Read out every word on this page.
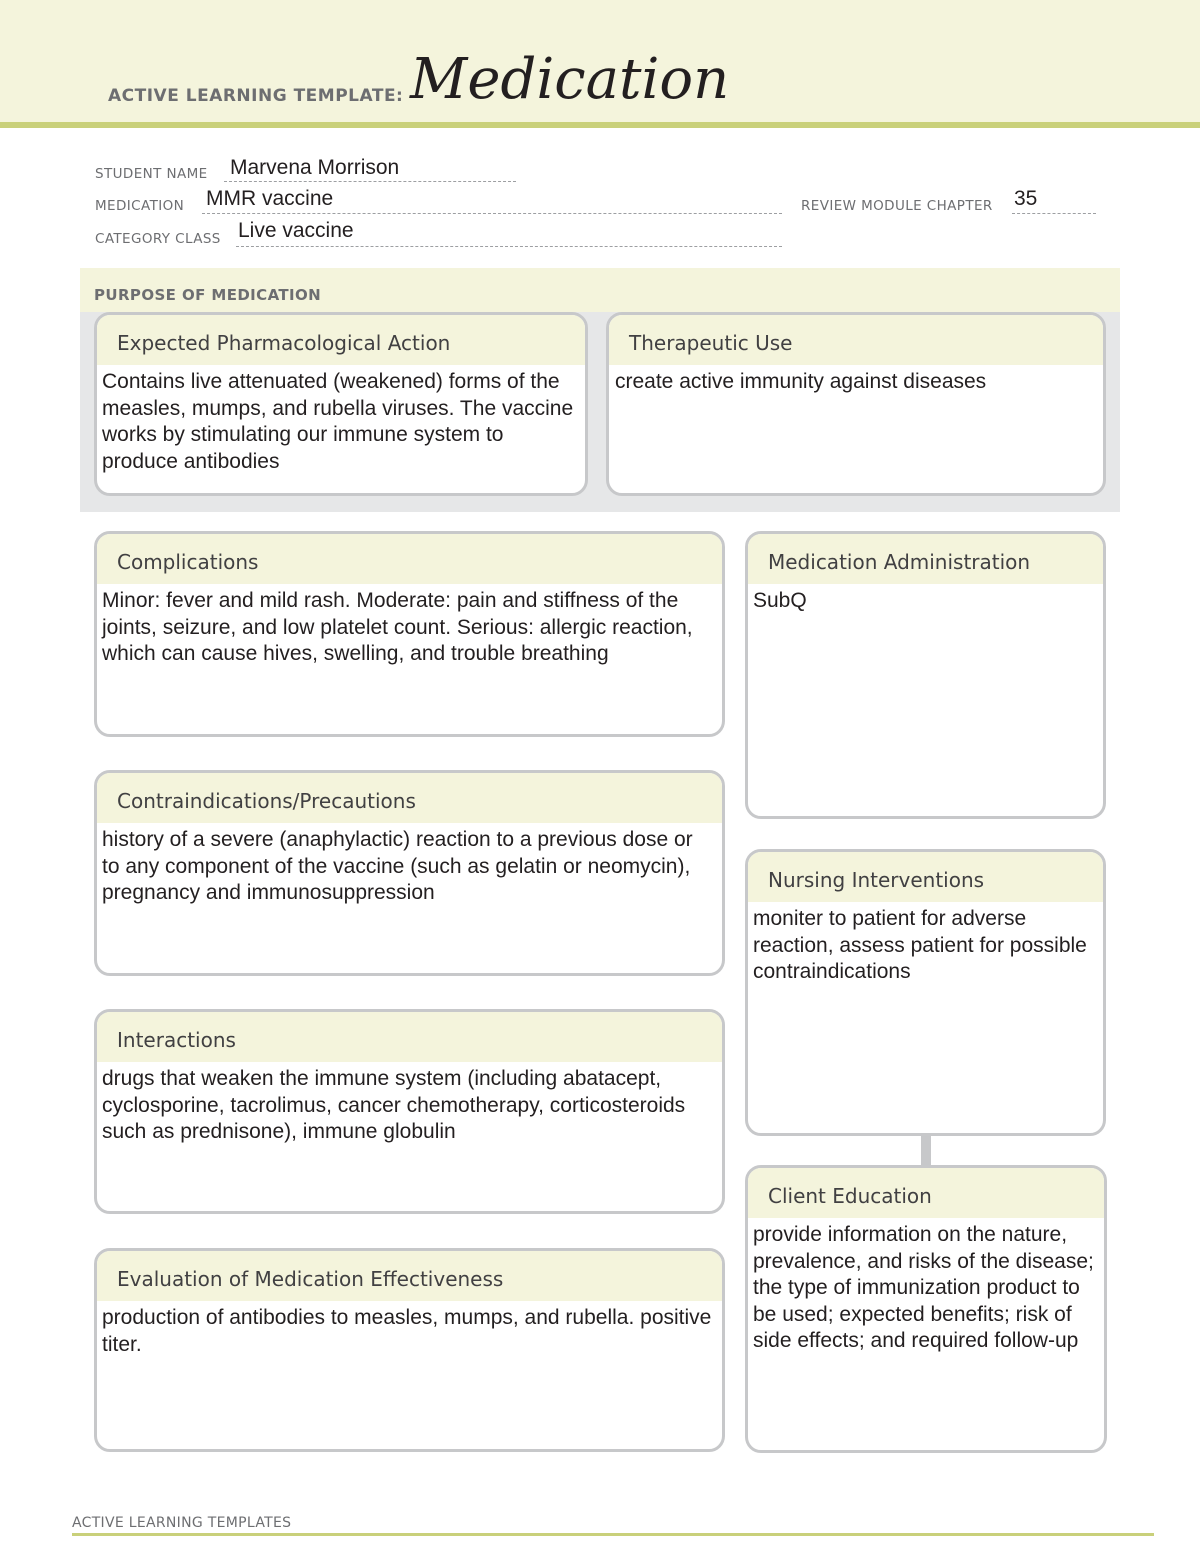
ACTIVE LEARNING TEMPLATE: Medication
STUDENT NAME Marvena Morrison
MEDICATION MMR vaccine	REVIEW MODULE CHAPTER 35
CATEGORY CLASS Live vaccine
PURPOSE OF MEDICATION
Expected Pharmacological Action
Contains live attenuated (weakened) forms of the measles, mumps, and rubella viruses. The vaccine works by stimulating our immune system to produce antibodies
Therapeutic Use
create active immunity against diseases
Complications
Minor: fever and mild rash. Moderate: pain and stiffness of the joints, seizure, and low platelet count. Serious: allergic reaction, which can cause hives, swelling, and trouble breathing
Contraindications/Precautions
history of a severe (anaphylactic) reaction to a previous dose or to any component of the vaccine (such as gelatin or neomycin), pregnancy and immunosuppression
Interactions
drugs that weaken the immune system (including abatacept, cyclosporine, tacrolimus, cancer chemotherapy, corticosteroids such as prednisone), immune globulin
Evaluation of Medication Effectiveness
production of antibodies to measles, mumps, and rubella. positive titer.
Medication Administration
SubQ
Nursing Interventions
moniter to patient for adverse reaction, assess patient for possible contraindications
Client Education
provide information on the nature, prevalence, and risks of the disease; the type of immunization product to be used; expected benefits; risk of side effects; and required follow-up
ACTIVE LEARNING TEMPLATES
